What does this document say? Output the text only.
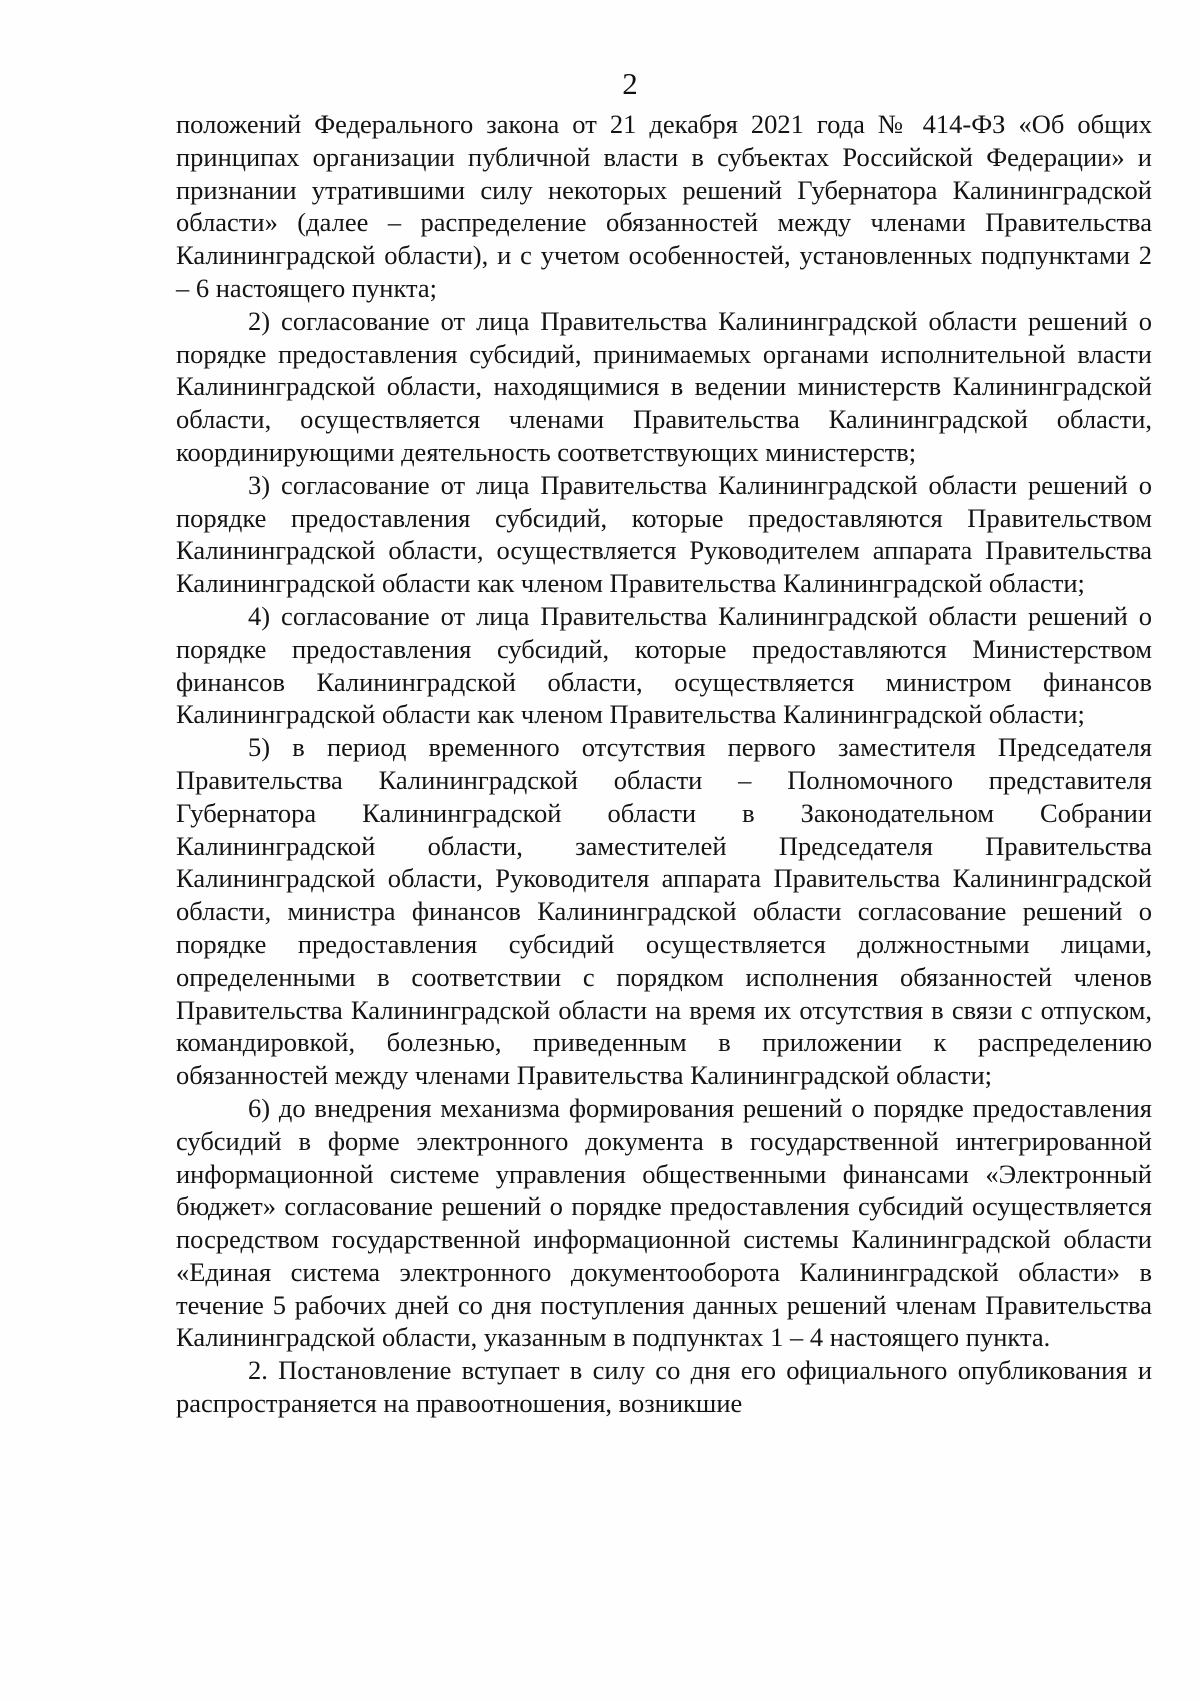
2

положений Федерального закона от 21 декабря 2021 года № 414-ФЗ «Об общих принципах организации публичной власти в субъектах Российской Федерации» и признании утратившими силу некоторых решений Губернатора Калининградской области» (далее – распределение обязанностей между членами Правительства Калининградской области), и с учетом особенностей, установленных подпунктами 2 – 6 настоящего пункта;

2) согласование от лица Правительства Калининградской области решений о порядке предоставления субсидий, принимаемых органами исполнительной власти Калининградской области, находящимися в ведении министерств Калининградской области, осуществляется членами Правительства Калининградской области, координирующими деятельность соответствующих министерств;

3) согласование от лица Правительства Калининградской области решений о порядке предоставления субсидий, которые предоставляются Правительством Калининградской области, осуществляется Руководителем аппарата Правительства Калининградской области как членом Правительства Калининградской области;

4) согласование от лица Правительства Калининградской области решений о порядке предоставления субсидий, которые предоставляются Министерством финансов Калининградской области, осуществляется министром финансов Калининградской области как членом Правительства Калининградской области;

5) в период временного отсутствия первого заместителя Председателя Правительства Калининградской области – Полномочного представителя Губернатора Калининградской области в Законодательном Собрании Калининградской области, заместителей Председателя Правительства Калининградской области, Руководителя аппарата Правительства Калининградской области, министра финансов Калининградской области согласование решений о порядке предоставления субсидий осуществляется должностными лицами, определенными в соответствии с порядком исполнения обязанностей членов Правительства Калининградской области на время их отсутствия в связи с отпуском, командировкой, болезнью, приведенным в приложении к распределению обязанностей между членами Правительства Калининградской области;

6) до внедрения механизма формирования решений о порядке предоставления субсидий в форме электронного документа в государственной интегрированной информационной системе управления общественными финансами «Электронный бюджет» согласование решений о порядке предоставления субсидий осуществляется посредством государственной информационной системы Калининградской области «Единая система электронного документооборота Калининградской области» в течение 5 рабочих дней со дня поступления данных решений членам Правительства Калининградской области, указанным в подпунктах 1 – 4 настоящего пункта.

2. Постановление вступает в силу со дня его официального опубликования и распространяется на правоотношения, возникшие
